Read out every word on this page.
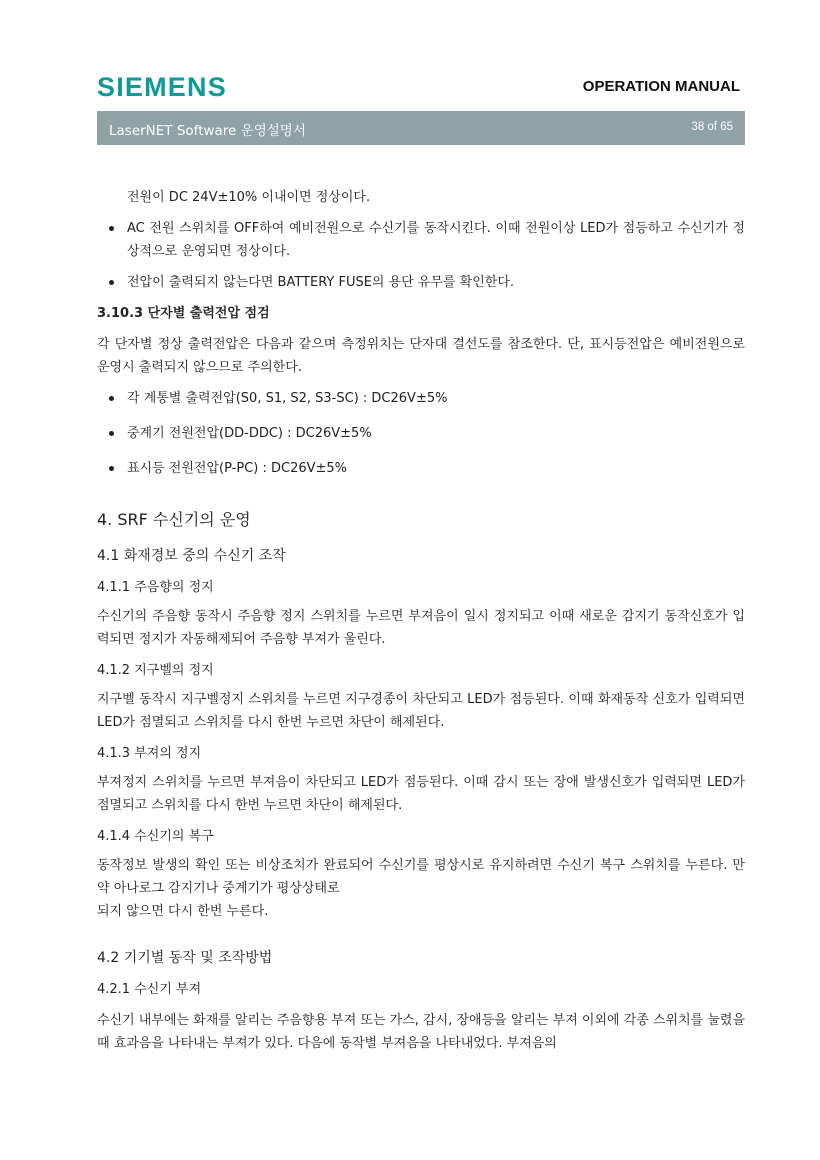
SIEMENS	OPERATION MANUAL
LaserNET Software 운영설명서	38 of 65

전원이 DC 24V±10% 이내이면 정상이다.

AC 전원 스위치를 OFF하여 예비전원으로 수신기를 동작시킨다. 이때 전원이상 LED가 점등하고 수신기가 정상적으로 운영되면 정상이다.

전압이 출력되지 않는다면 BATTERY FUSE의 용단 유무를 확인한다.

3.10.3 단자별 출력전압 점검

각 단자별 정상 출력전압은 다음과 같으며 측정위치는 단자대 결선도를 참조한다. 단, 표시등전압은 예비전원으로 운영시 출력되지 않으므로 주의한다.

각 계통별 출력전압(S0, S1, S2, S3-SC) : DC26V±5%

중계기 전원전압(DD-DDC) : DC26V±5%

표시등 전원전압(P-PC) : DC26V±5%

4. SRF 수신기의 운영

4.1 화재경보 중의 수신기 조작

4.1.1 주음향의 정지

수신기의 주음향 동작시 주음향 정지 스위치를 누르면 부져음이 일시 정지되고 이때 새로운 감지기 동작신호가 입력되면 정지가 자동해제되어 주음향 부져가 울린다.

4.1.2 지구벨의 정지

지구벨 동작시 지구벨정지 스위치를 누르면 지구경종이 차단되고 LED가 점등된다. 이때 화재동작 신호가 입력되면 LED가 점멸되고 스위치를 다시 한번 누르면 차단이 해제된다.

4.1.3 부져의 정지

부져정지 스위치를 누르면 부져음이 차단되고 LED가 점등된다. 이때 감시 또는 장애 발생신호가 입력되면 LED가 점멸되고 스위치를 다시 한번 누르면 차단이 해제된다.

4.1.4 수신기의 복구

동작정보 발생의 확인 또는 비상조치가 완료되어 수신기를 평상시로 유지하려면 수신기 복구 스위치를 누른다. 만약 아나로그 감지기나 중계기가 평상상태로

되지 않으면 다시 한번 누른다.

4.2 기기별 동작 및 조작방법

4.2.1 수신기 부져

수신기 내부에는 화재를 알리는 주음향용 부져 또는 가스, 감시, 장애등을 알리는 부져 이외에 각종 스위치를 눌렸을 때 효과음을 나타내는 부져가 있다. 다음에 동작별 부져음을 나타내었다. 부져음의
